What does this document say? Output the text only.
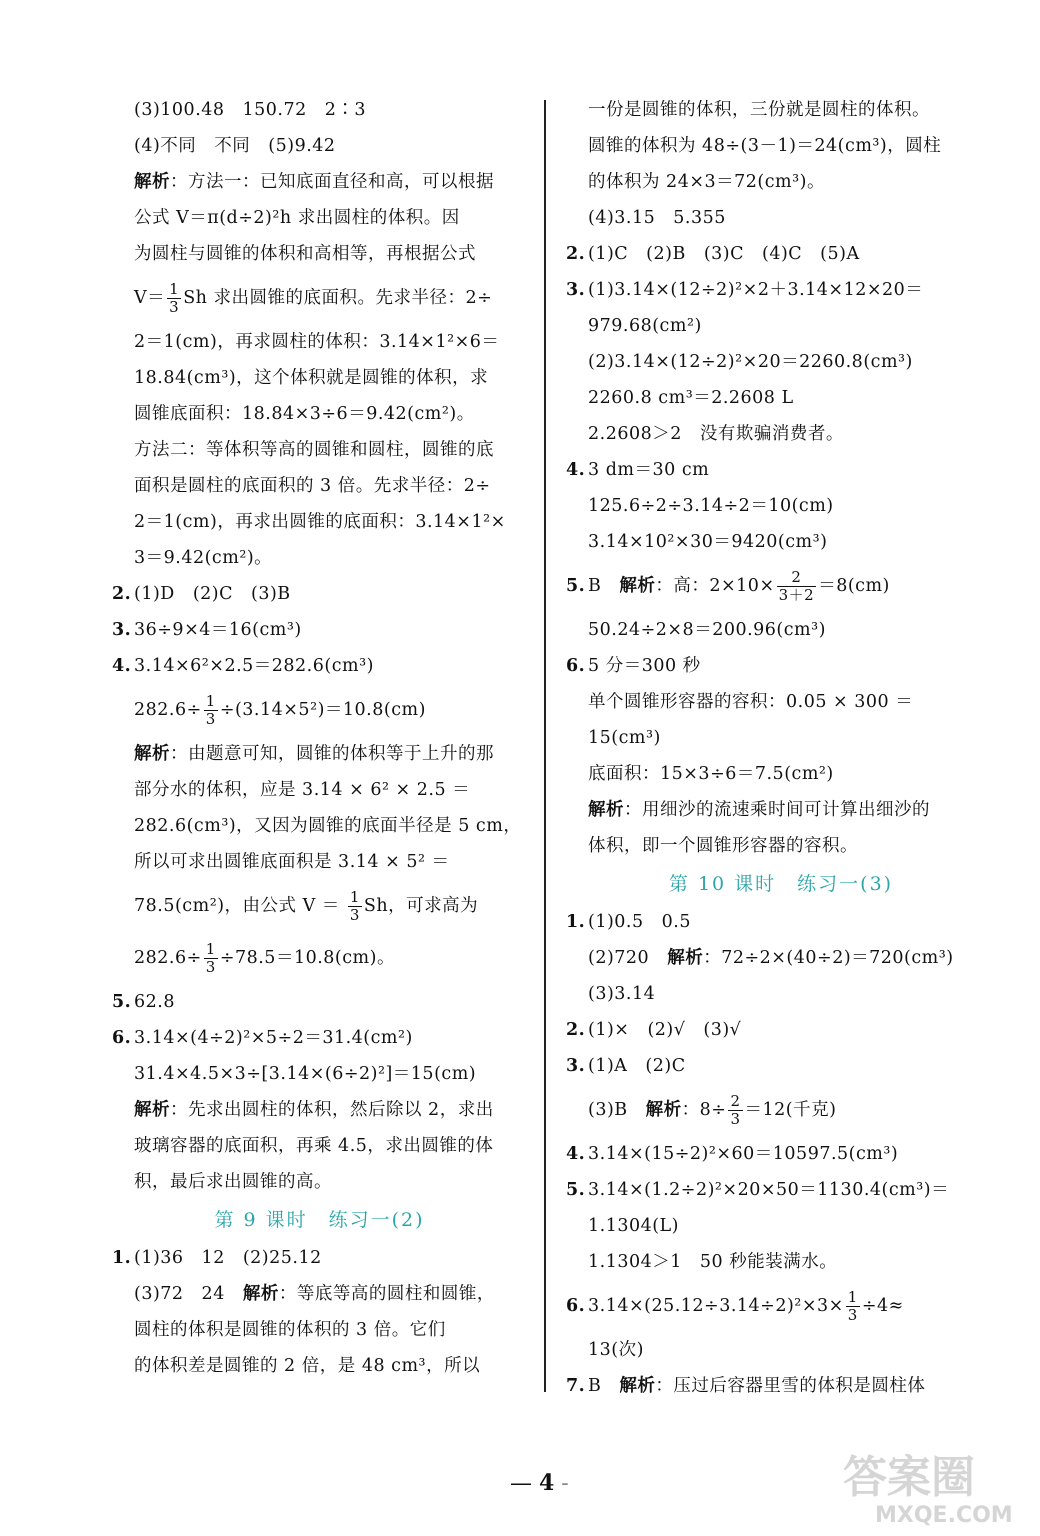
(3)100.48　150.72　2∶3
(4)不同　不同　(5)9.42
解析：方法一：已知底面直径和高，可以根据
公式 V＝π(d÷2)²h 求出圆柱的体积。因
为圆柱与圆锥的体积和高相等，再根据公式
$V= \frac{1}{3}$ Sh 求出圆锥的底面积。先求半径：2÷
2＝1(cm)，再求圆柱的体积：3.14×1²×6＝
18.84(cm³)，这个体积就是圆锥的体积，求
圆锥底面积：18.84×3÷6＝9.42(cm²)。
方法二：等体积等高的圆锥和圆柱，圆锥的底
面积是圆柱的底面积的 3 倍。先求半径：2÷
2＝1(cm)，再求出圆锥的底面积：3.14×1²×
3＝9.42(cm²)。
2. (1)D　(2)C　(3)B
3. 36÷9×4＝16(cm³)
4. 3.14×6²×2.5＝282.6(cm³)
$282.6\div \frac{1}{3} \div(3.14\times 5^2)=10.8(cm)$
解析：由题意可知，圆锥的体积等于上升的那
部分水的体积，应是 3.14 × 6² × 2.5 ＝
282.6(cm³)，又因为圆锥的底面半径是 5 cm，
所以可求出圆锥底面积是 3.14 × 5² ＝
78.5(cm²)，由公式 $V = \frac{1}{3}$ Sh，可求高为
$282.6\div \frac{1}{3} \div 78.5=10.8(cm)$。
5. 62.8
6. 3.14×(4÷2)²×5÷2＝31.4(cm²)
31.4×4.5×3÷[3.14×(6÷2)²]＝15(cm)
解析：先求出圆柱的体积，然后除以 2，求出
玻璃容器的底面积，再乘 4.5，求出圆锥的体
积，最后求出圆锥的高。
第 9 课时　练习一(2)
1. (1)36　12　(2)25.12
(3)72　24　解析：等底等高的圆柱和圆锥，
圆柱的体积是圆锥的体积的 3 倍。它们
的体积差是圆锥的 2 倍，是 48 cm³，所以
一份是圆锥的体积，三份就是圆柱的体积。
圆锥的体积为 48÷(3－1)＝24(cm³)，圆柱
的体积为 24×3＝72(cm³)。
(4)3.15　5.355
2. (1)C　(2)B　(3)C　(4)C　(5)A
3. (1)3.14×(12÷2)²×2＋3.14×12×20＝
979.68(cm²)
(2)3.14×(12÷2)²×20＝2260.8(cm³)
2260.8 cm³＝2.2608 L
2.2608＞2　没有欺骗消费者。
4. 3 dm＝30 cm
125.6÷2÷3.14÷2＝10(cm)
3.14×10²×30＝9420(cm³)
5. B　解析：高：$2\times 10\times \frac{2}{3+2} =8(cm)$
50.24÷2×8＝200.96(cm³)
6. 5 分＝300 秒
单个圆锥形容器的容积：0.05 × 300 ＝
15(cm³)
底面积：15×3÷6＝7.5(cm²)
解析：用细沙的流速乘时间可计算出细沙的
体积，即一个圆锥形容器的容积。
第 10 课时　练习一(3)
1. (1)0.5　0.5
(2)720　解析：72÷2×(40÷2)＝720(cm³)
(3)3.14
2. (1)×　(2)√　(3)√
3. (1)A　(2)C
(3)B　解析：$8\div \frac{2}{3} =12$(千克)
4. 3.14×(15÷2)²×60＝10597.5(cm³)
5. 3.14×(1.2÷2)²×20×50＝1130.4(cm³)＝
1.1304(L)
1.1304＞1　50 秒能装满水。
6. $3.14\times(25.12\div 3.14\div 2)^2\times 3\times \frac{1}{3} \div 4\approx$
13(次)
7. B　解析：压过后容器里雪的体积是圆柱体
— 4 -	答案圈
MXQE.COM
